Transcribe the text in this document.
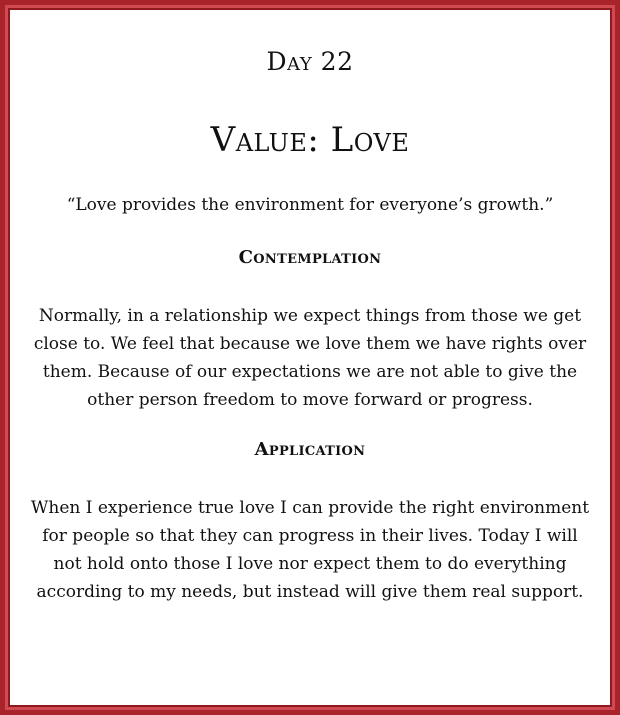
Day 22
Value: Love
“Love provides the environment for everyone’s growth.”
Contemplation
Normally, in a relationship we expect things from those we get close to. We feel that because we love them we have rights over them. Because of our expectations we are not able to give the other person freedom to move forward or progress.
Application
When I experience true love I can provide the right environment for people so that they can progress in their lives. Today I will not hold onto those I love nor expect them to do everything according to my needs, but instead will give them real support.
